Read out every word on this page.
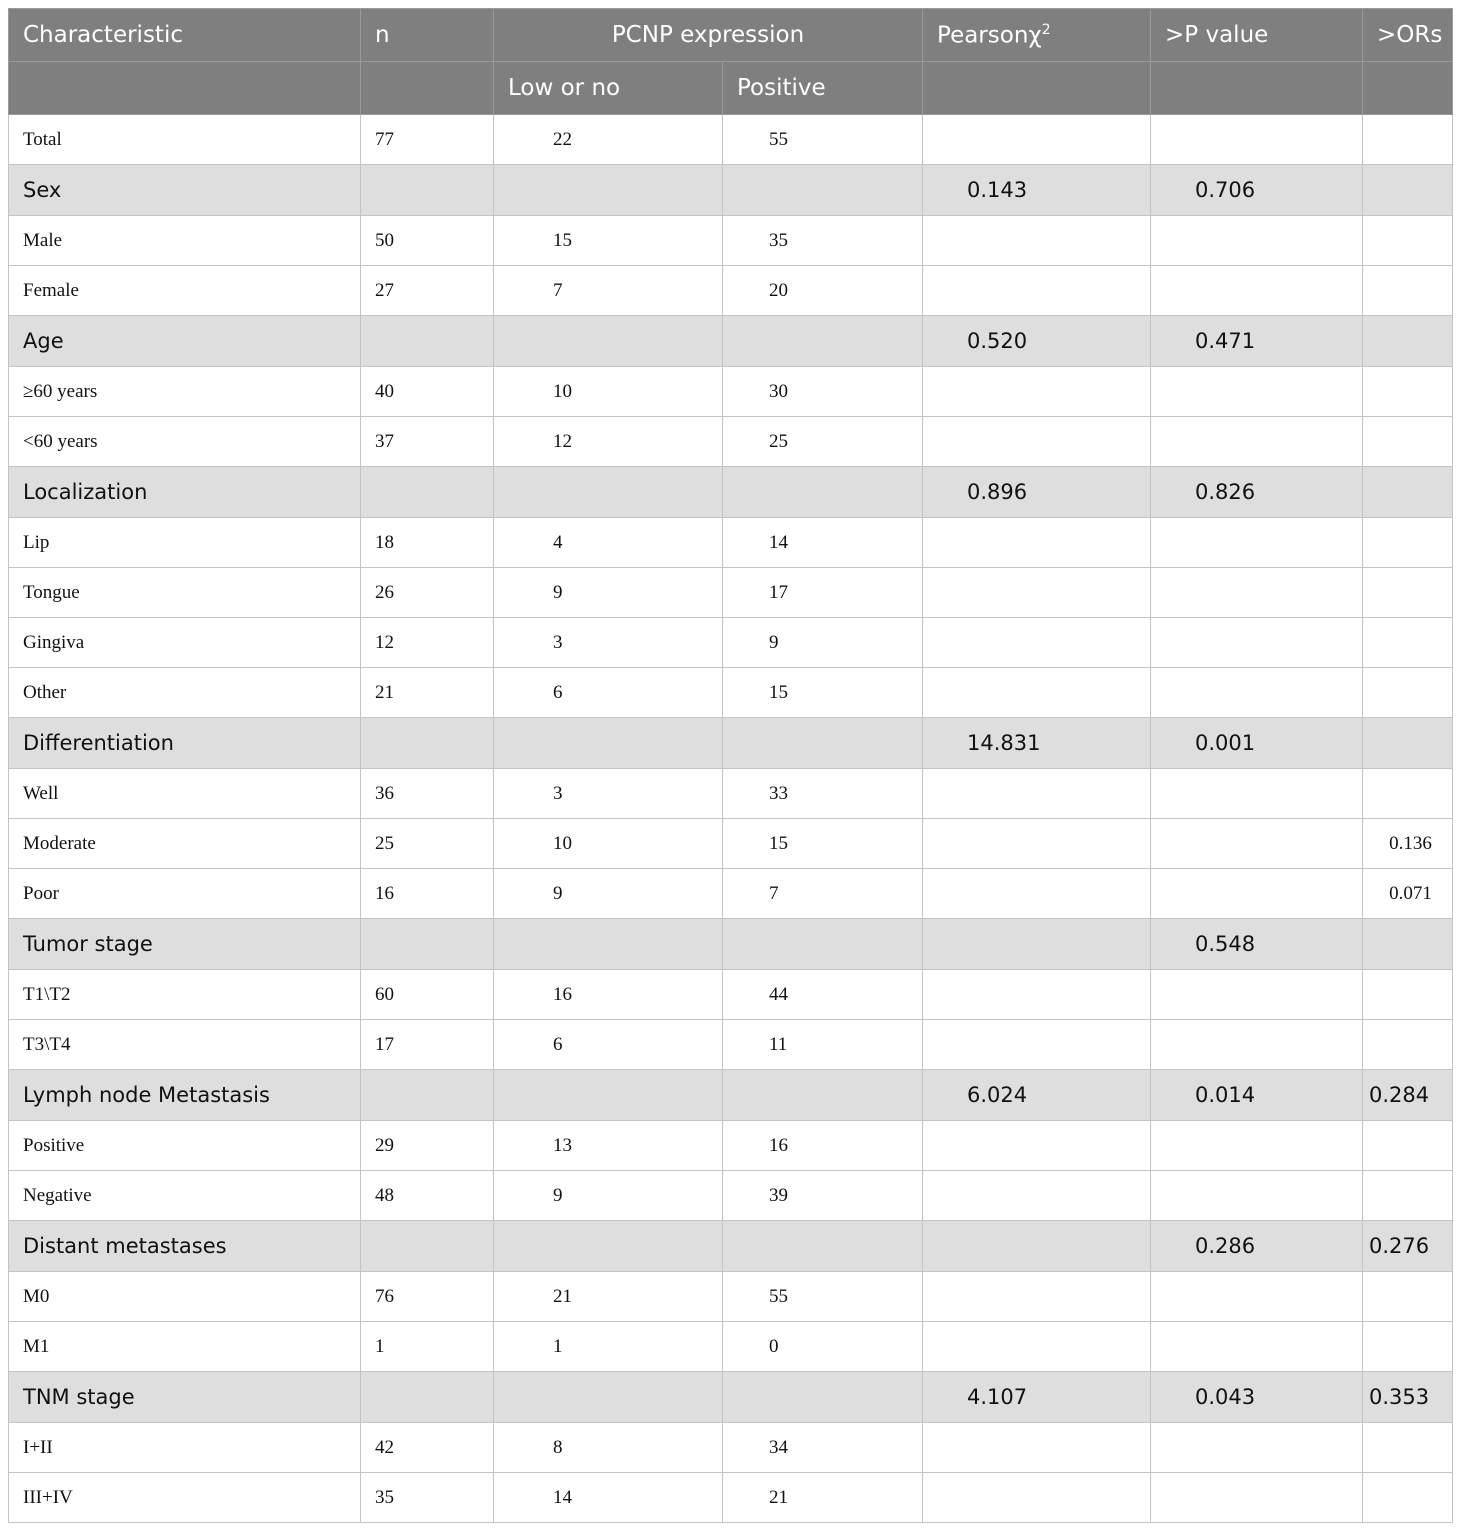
Characteristic	n	PCNP expression		Pearsonχ$^2$	>P value	>ORs
		Low or no	Positive			
Total	77	22	55			
Sex				0.143	0.706	
Male	50	15	35			
Female	27	7	20			
Age				0.520	0.471	
≥60 years	40	10	30			
<60 years	37	12	25			
Localization				0.896	0.826	
Lip	18	4	14			
Tongue	26	9	17			
Gingiva	12	3	9			
Other	21	6	15			
Differentiation				14.831	0.001	
Well	36	3	33			
Moderate	25	10	15			0.136
Poor	16	9	7			0.071
Tumor stage					0.548	
T1\T2	60	16	44			
T3\T4	17	6	11			
Lymph node Metastasis				6.024	0.014	0.284
Positive	29	13	16			
Negative	48	9	39			
Distant metastases					0.286	0.276
M0	76	21	55			
M1	1	1	0			
TNM stage				4.107	0.043	0.353
I+II	42	8	34			
III+IV	35	14	21			
